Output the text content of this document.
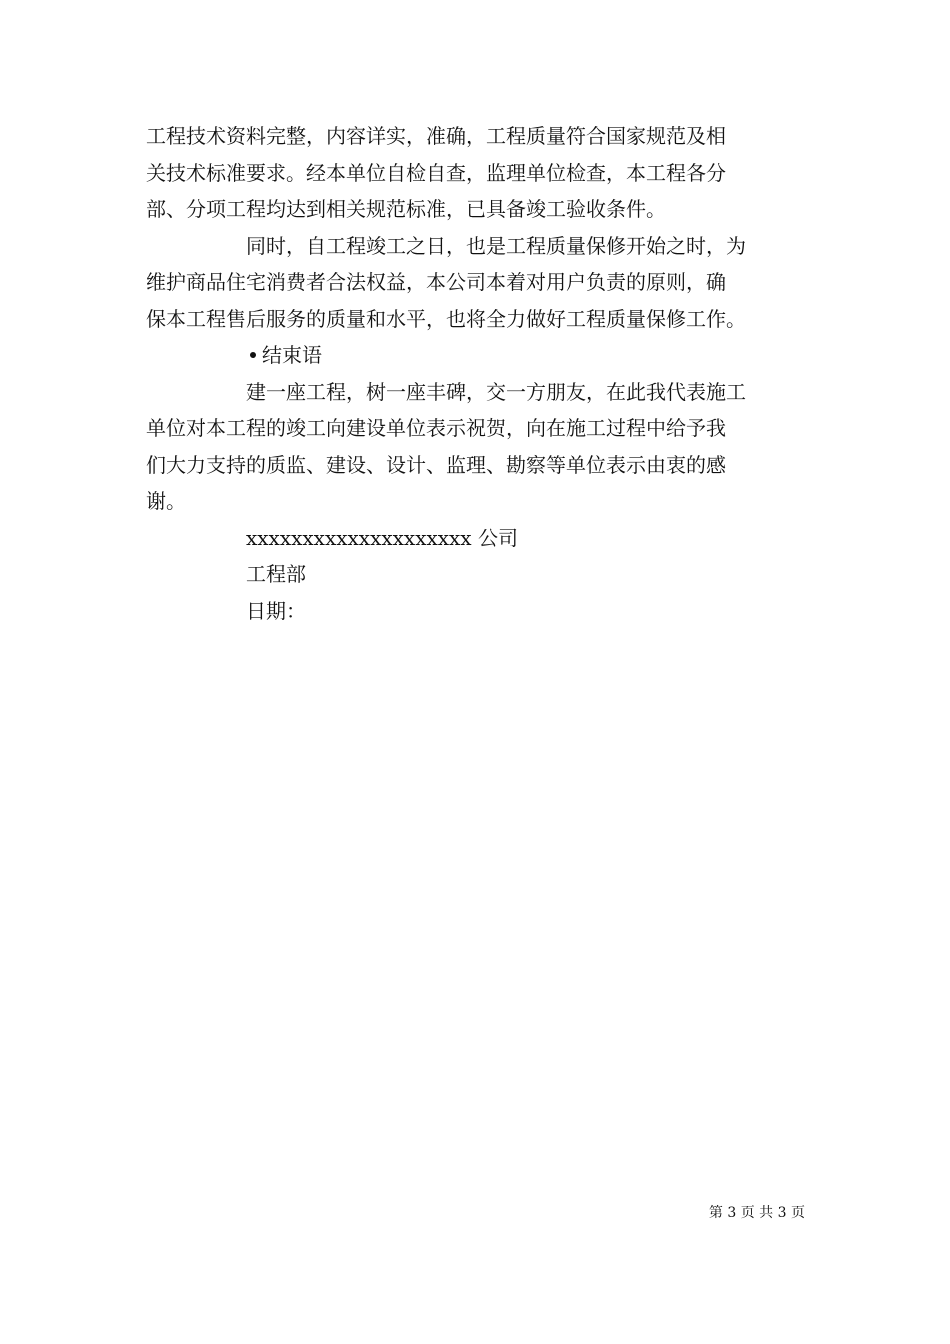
工程技术资料完整，内容详实，准确，工程质量符合国家规范及相
关技术标准要求。经本单位自检自查，监理单位检查，本工程各分
部、分项工程均达到相关规范标准，已具备竣工验收条件。
同时，自工程竣工之日，也是工程质量保修开始之时，为
维护商品住宅消费者合法权益，本公司本着对用户负责的原则，确
保本工程售后服务的质量和水平，也将全力做好工程质量保修工作。
结束语
建一座工程，树一座丰碑，交一方朋友，在此我代表施工
单位对本工程的竣工向建设单位表示祝贺，向在施工过程中给予我
们大力支持的质监、建设、设计、监理、勘察等单位表示由衷的感
谢。
xxxxxxxxxxxxxxxxxxxx 公司
工程部
日期：
第 3 页 共 3 页
